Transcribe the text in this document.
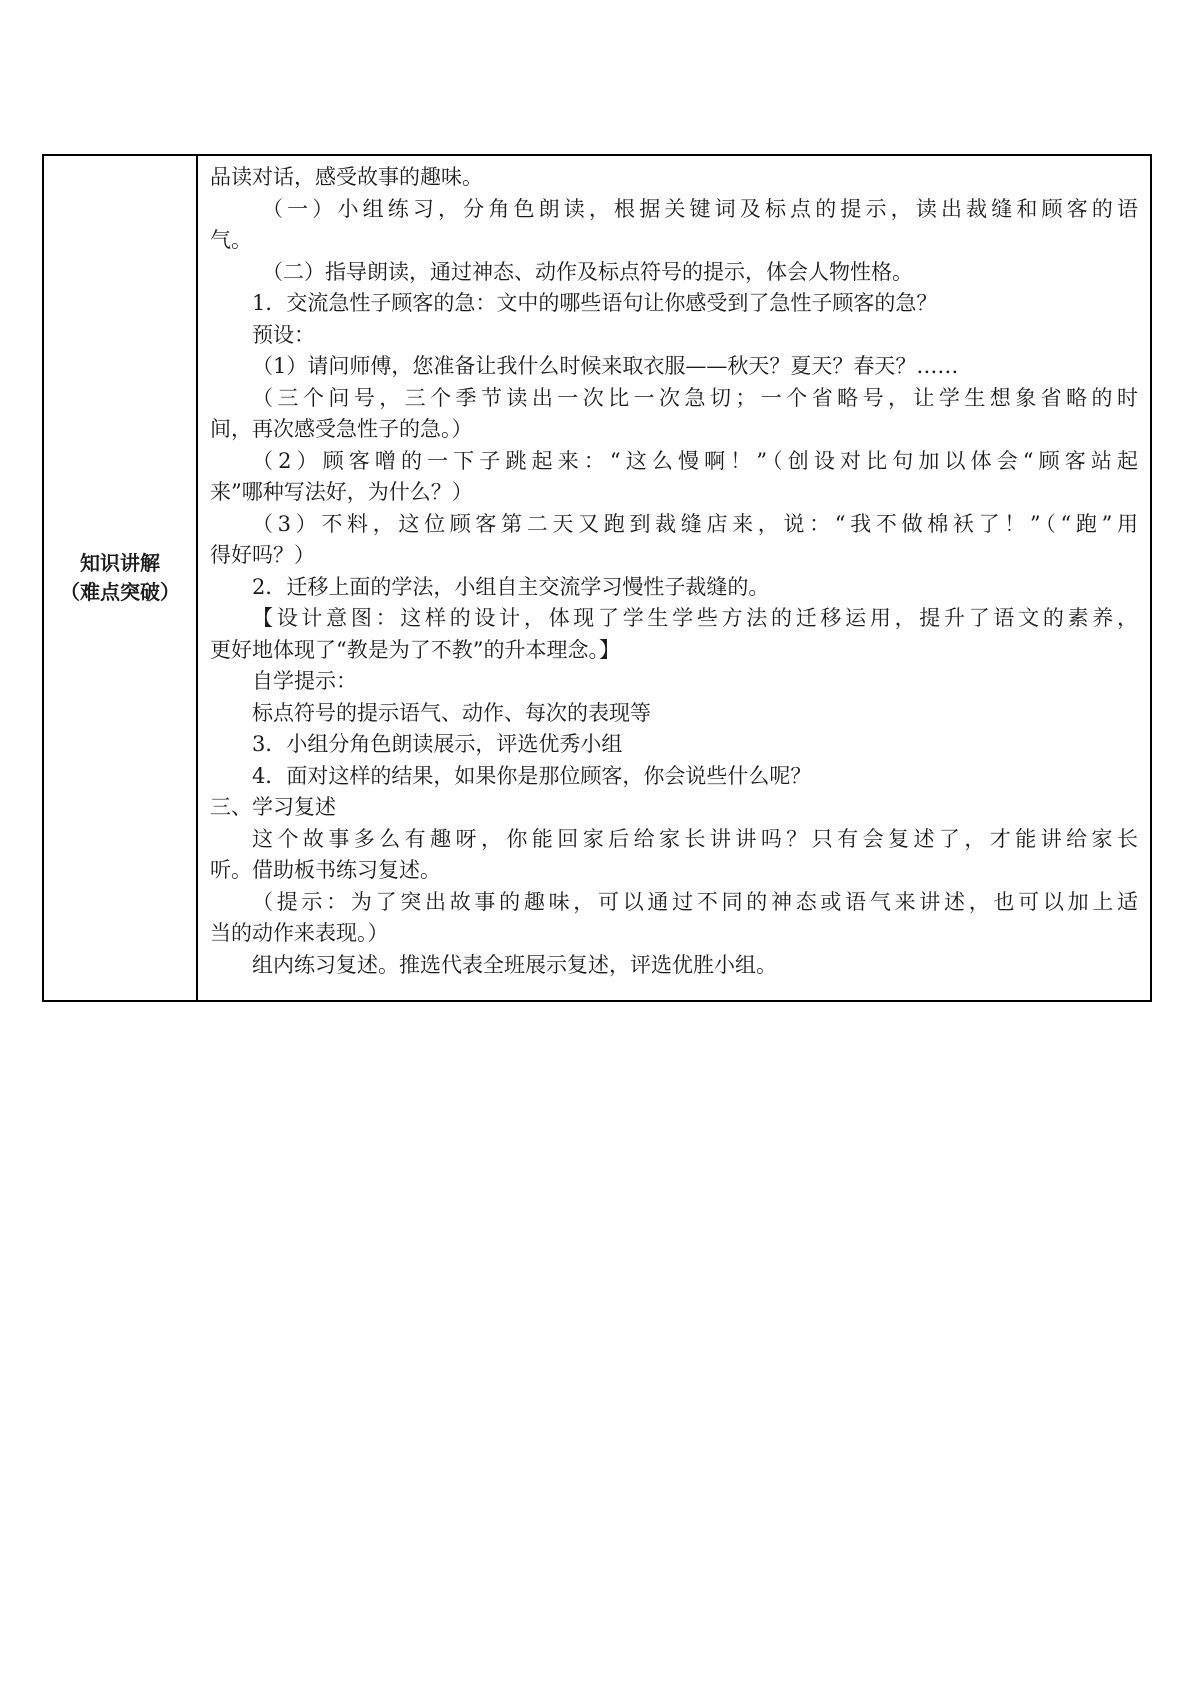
知识讲解
（难点突破）
品读对话，感受故事的趣味。
（一）小组练习，分角色朗读，根据关键词及标点的提示，读出裁缝和顾客的语
气。
（二）指导朗读，通过神态、动作及标点符号的提示，体会人物性格。
1．交流急性子顾客的急：文中的哪些语句让你感受到了急性子顾客的急？
预设：
（1）请问师傅，您准备让我什么时候来取衣服——秋天？夏天？春天？……
（三个问号，三个季节读出一次比一次急切；一个省略号，让学生想象省略的时
间，再次感受急性子的急。）
（2）顾客噌的一下子跳起来：“这么慢啊！”（创设对比句加以体会“顾客站起
来”哪种写法好，为什么？）
（3）不料，这位顾客第二天又跑到裁缝店来，说：“我不做棉袄了！”（“跑”用
得好吗？）
2．迁移上面的学法，小组自主交流学习慢性子裁缝的。
【设计意图：这样的设计，体现了学生学些方法的迁移运用，提升了语文的素养，
更好地体现了“教是为了不教”的升本理念。】
自学提示：
标点符号的提示语气、动作、每次的表现等
3．小组分角色朗读展示，评选优秀小组
4．面对这样的结果，如果你是那位顾客，你会说些什么呢？
三、学习复述
这个故事多么有趣呀，你能回家后给家长讲讲吗？只有会复述了，才能讲给家长
听。借助板书练习复述。
（提示：为了突出故事的趣味，可以通过不同的神态或语气来讲述，也可以加上适
当的动作来表现。）
组内练习复述。推选代表全班展示复述，评选优胜小组。
